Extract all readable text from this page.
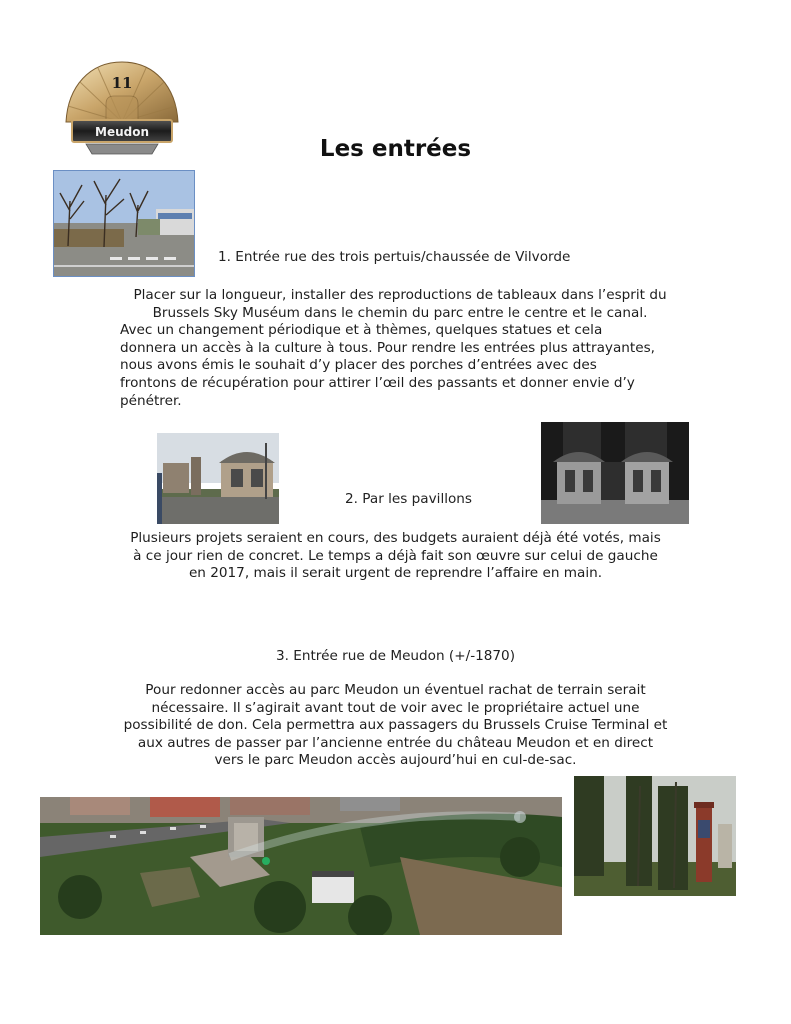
11
Meudon
Les entrées
1. Entrée rue des trois pertuis/chaussée de Vilvorde
Placer sur la longueur, installer des reproductions de tableaux dans l’esprit du
Brussels Sky Muséum dans le chemin du parc entre le centre et le canal.
Avec un changement périodique et à thèmes, quelques statues et cela
donnera un accès à la culture à tous. Pour rendre les entrées plus attrayantes,
nous avons émis le souhait d’y placer des porches d’entrées avec des
frontons de récupération pour attirer l’œil des passants et donner envie d’y
pénétrer.
2. Par les pavillons
Plusieurs projets seraient en cours, des budgets auraient déjà été votés, mais
à ce jour rien de concret. Le temps a déjà fait son œuvre sur celui de gauche
en 2017, mais il serait urgent de reprendre l’affaire en main.
3. Entrée rue de Meudon (+/-1870)
Pour redonner accès au parc Meudon un éventuel rachat de terrain serait
nécessaire. Il s’agirait avant tout de voir avec le propriétaire actuel une
possibilité de don. Cela permettra aux passagers du Brussels Cruise Terminal et
aux autres de passer par l’ancienne entrée du château Meudon et en direct
vers le parc Meudon accès aujourd’hui en cul-de-sac.
